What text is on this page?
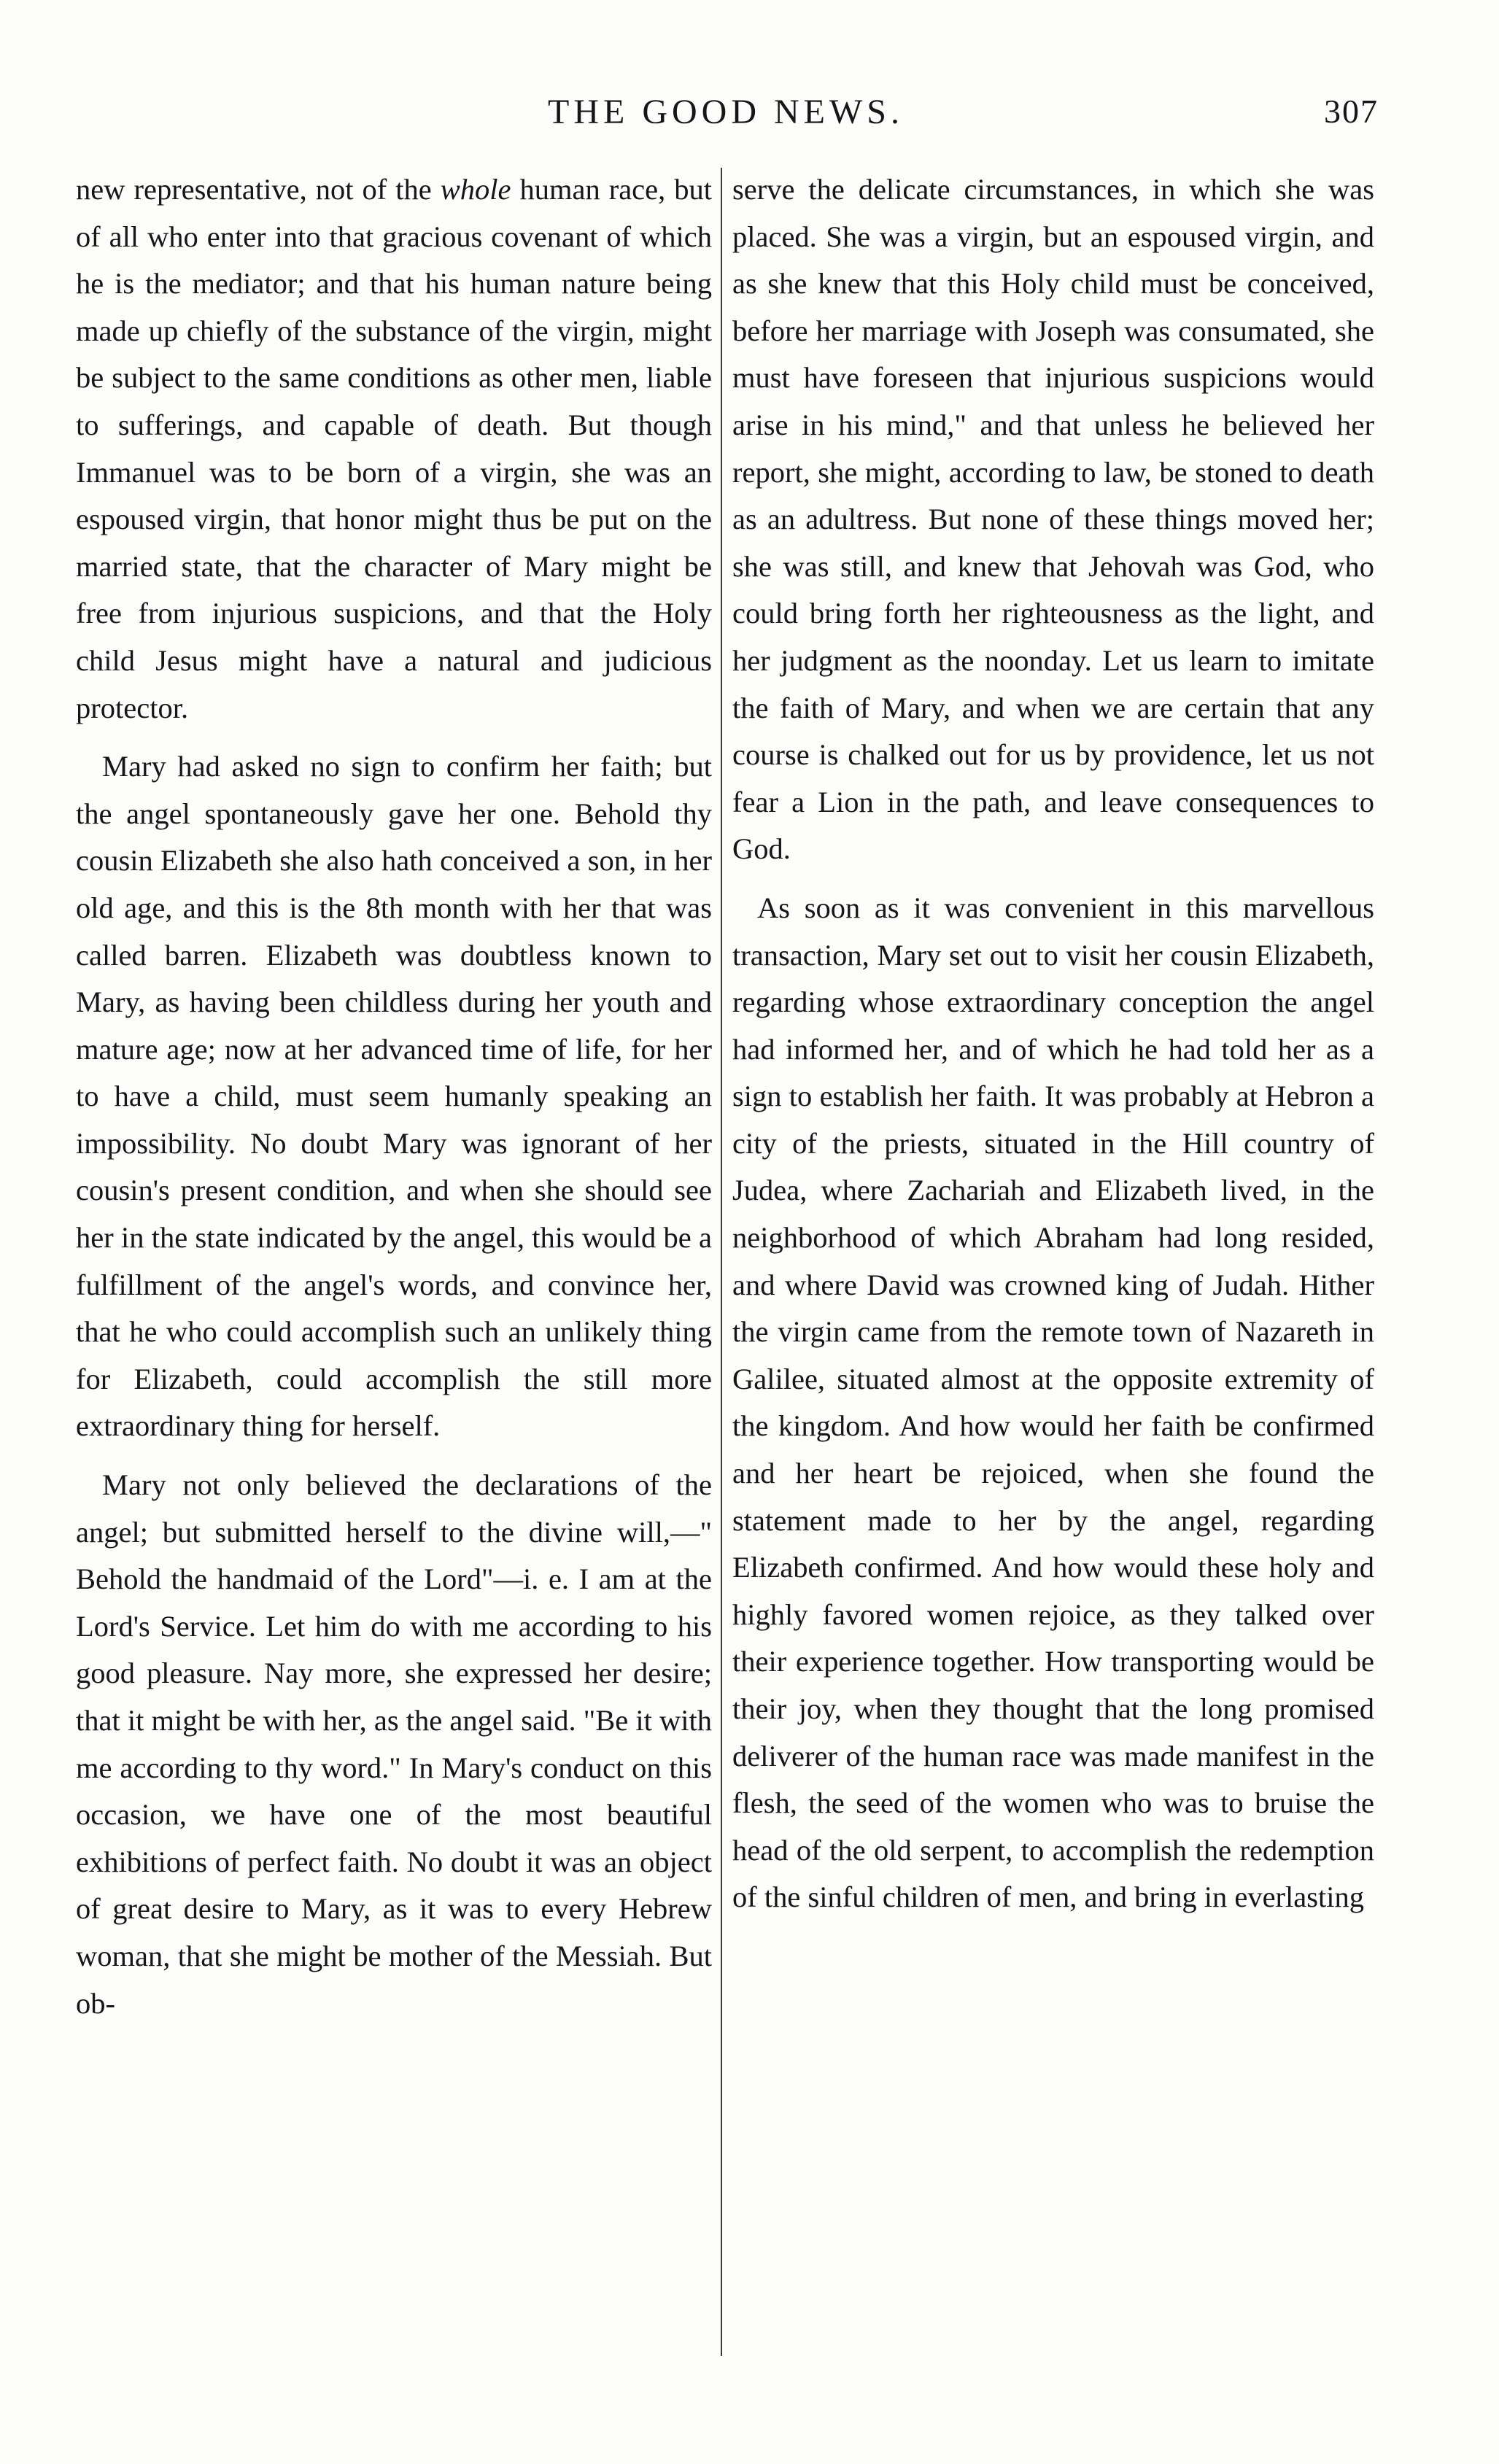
THE GOOD NEWS.	307

new representative, not of the whole human race, but of all who enter into that gracious covenant of which he is the mediator; and that his human nature being made up chiefly of the substance of the virgin, might be subject to the same conditions as other men, liable to sufferings, and capable of death. But though Immanuel was to be born of a virgin, she was an espoused virgin, that honor might thus be put on the married state, that the character of Mary might be free from injurious suspicions, and that the Holy child Jesus might have a natural and judicious protector.

Mary had asked no sign to confirm her faith; but the angel spontaneously gave her one. Behold thy cousin Elizabeth she also hath conceived a son, in her old age, and this is the 8th month with her that was called barren. Elizabeth was doubtless known to Mary, as having been childless during her youth and mature age; now at her advanced time of life, for her to have a child, must seem humanly speaking an impossibility. No doubt Mary was ignorant of her cousin's present condition, and when she should see her in the state indicated by the angel, this would be a fulfillment of the angel's words, and convince her, that he who could accomplish such an unlikely thing for Elizabeth, could accomplish the still more extraordinary thing for herself.

Mary not only believed the declarations of the angel; but submitted herself to the divine will,—" Behold the handmaid of the Lord"—i. e. I am at the Lord's Service. Let him do with me according to his good pleasure. Nay more, she expressed her desire; that it might be with her, as the angel said. "Be it with me according to thy word." In Mary's conduct on this occasion, we have one of the most beautiful exhibitions of perfect faith. No doubt it was an object of great desire to Mary, as it was to every Hebrew woman, that she might be mother of the Messiah. But ob-

serve the delicate circumstances, in which she was placed. She was a virgin, but an espoused virgin, and as she knew that this Holy child must be conceived, before her marriage with Joseph was consumated, she must have foreseen that injurious suspicions would arise in his mind," and that unless he believed her report, she might, according to law, be stoned to death as an adultress. But none of these things moved her; she was still, and knew that Jehovah was God, who could bring forth her righteousness as the light, and her judgment as the noonday. Let us learn to imitate the faith of Mary, and when we are certain that any course is chalked out for us by providence, let us not fear a Lion in the path, and leave consequences to God.

As soon as it was convenient in this marvellous transaction, Mary set out to visit her cousin Elizabeth, regarding whose extraordinary conception the angel had informed her, and of which he had told her as a sign to establish her faith. It was probably at Hebron a city of the priests, situated in the Hill country of Judea, where Zachariah and Elizabeth lived, in the neighborhood of which Abraham had long resided, and where David was crowned king of Judah. Hither the virgin came from the remote town of Nazareth in Galilee, situated almost at the opposite extremity of the kingdom. And how would her faith be confirmed and her heart be rejoiced, when she found the statement made to her by the angel, regarding Elizabeth confirmed. And how would these holy and highly favored women rejoice, as they talked over their experience together. How transporting would be their joy, when they thought that the long promised deliverer of the human race was made manifest in the flesh, the seed of the women who was to bruise the head of the old serpent, to accomplish the redemption of the sinful children of men, and bring in everlasting
